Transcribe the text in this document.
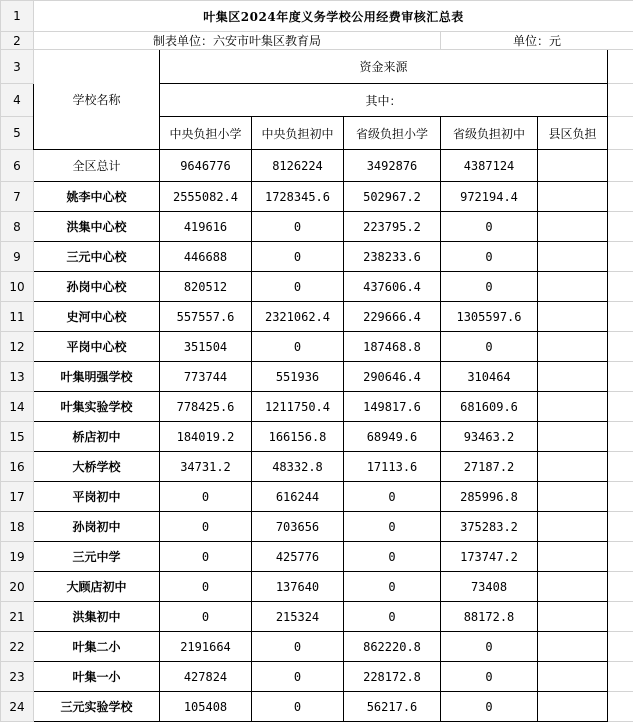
1	叶集区2024年度义务学校公用经费审核汇总表						
2	制表单位：六安市叶集区教育局				单位：元		
3	学校名称	资金来源					
4		其中：					
5		中央负担小学	中央负担初中	省级负担小学	省级负担初中	县区负担	
6	全区总计	9646776	8126224	3492876	4387124		
7	姚李中心校	2555082.4	1728345.6	502967.2	972194.4		
8	洪集中心校	419616	0	223795.2	0		
9	三元中心校	446688	0	238233.6	0		
10	孙岗中心校	820512	0	437606.4	0		
11	史河中心校	557557.6	2321062.4	229666.4	1305597.6		
12	平岗中心校	351504	0	187468.8	0		
13	叶集明强学校	773744	551936	290646.4	310464		
14	叶集实验学校	778425.6	1211750.4	149817.6	681609.6		
15	桥店初中	184019.2	166156.8	68949.6	93463.2		
16	大桥学校	34731.2	48332.8	17113.6	27187.2		
17	平岗初中	0	616244	0	285996.8		
18	孙岗初中	0	703656	0	375283.2		
19	三元中学	0	425776	0	173747.2		
20	大顾店初中	0	137640	0	73408		
21	洪集初中	0	215324	0	88172.8		
22	叶集二小	2191664	0	862220.8	0		
23	叶集一小	427824	0	228172.8	0		
24	三元实验学校	105408	0	56217.6	0		
